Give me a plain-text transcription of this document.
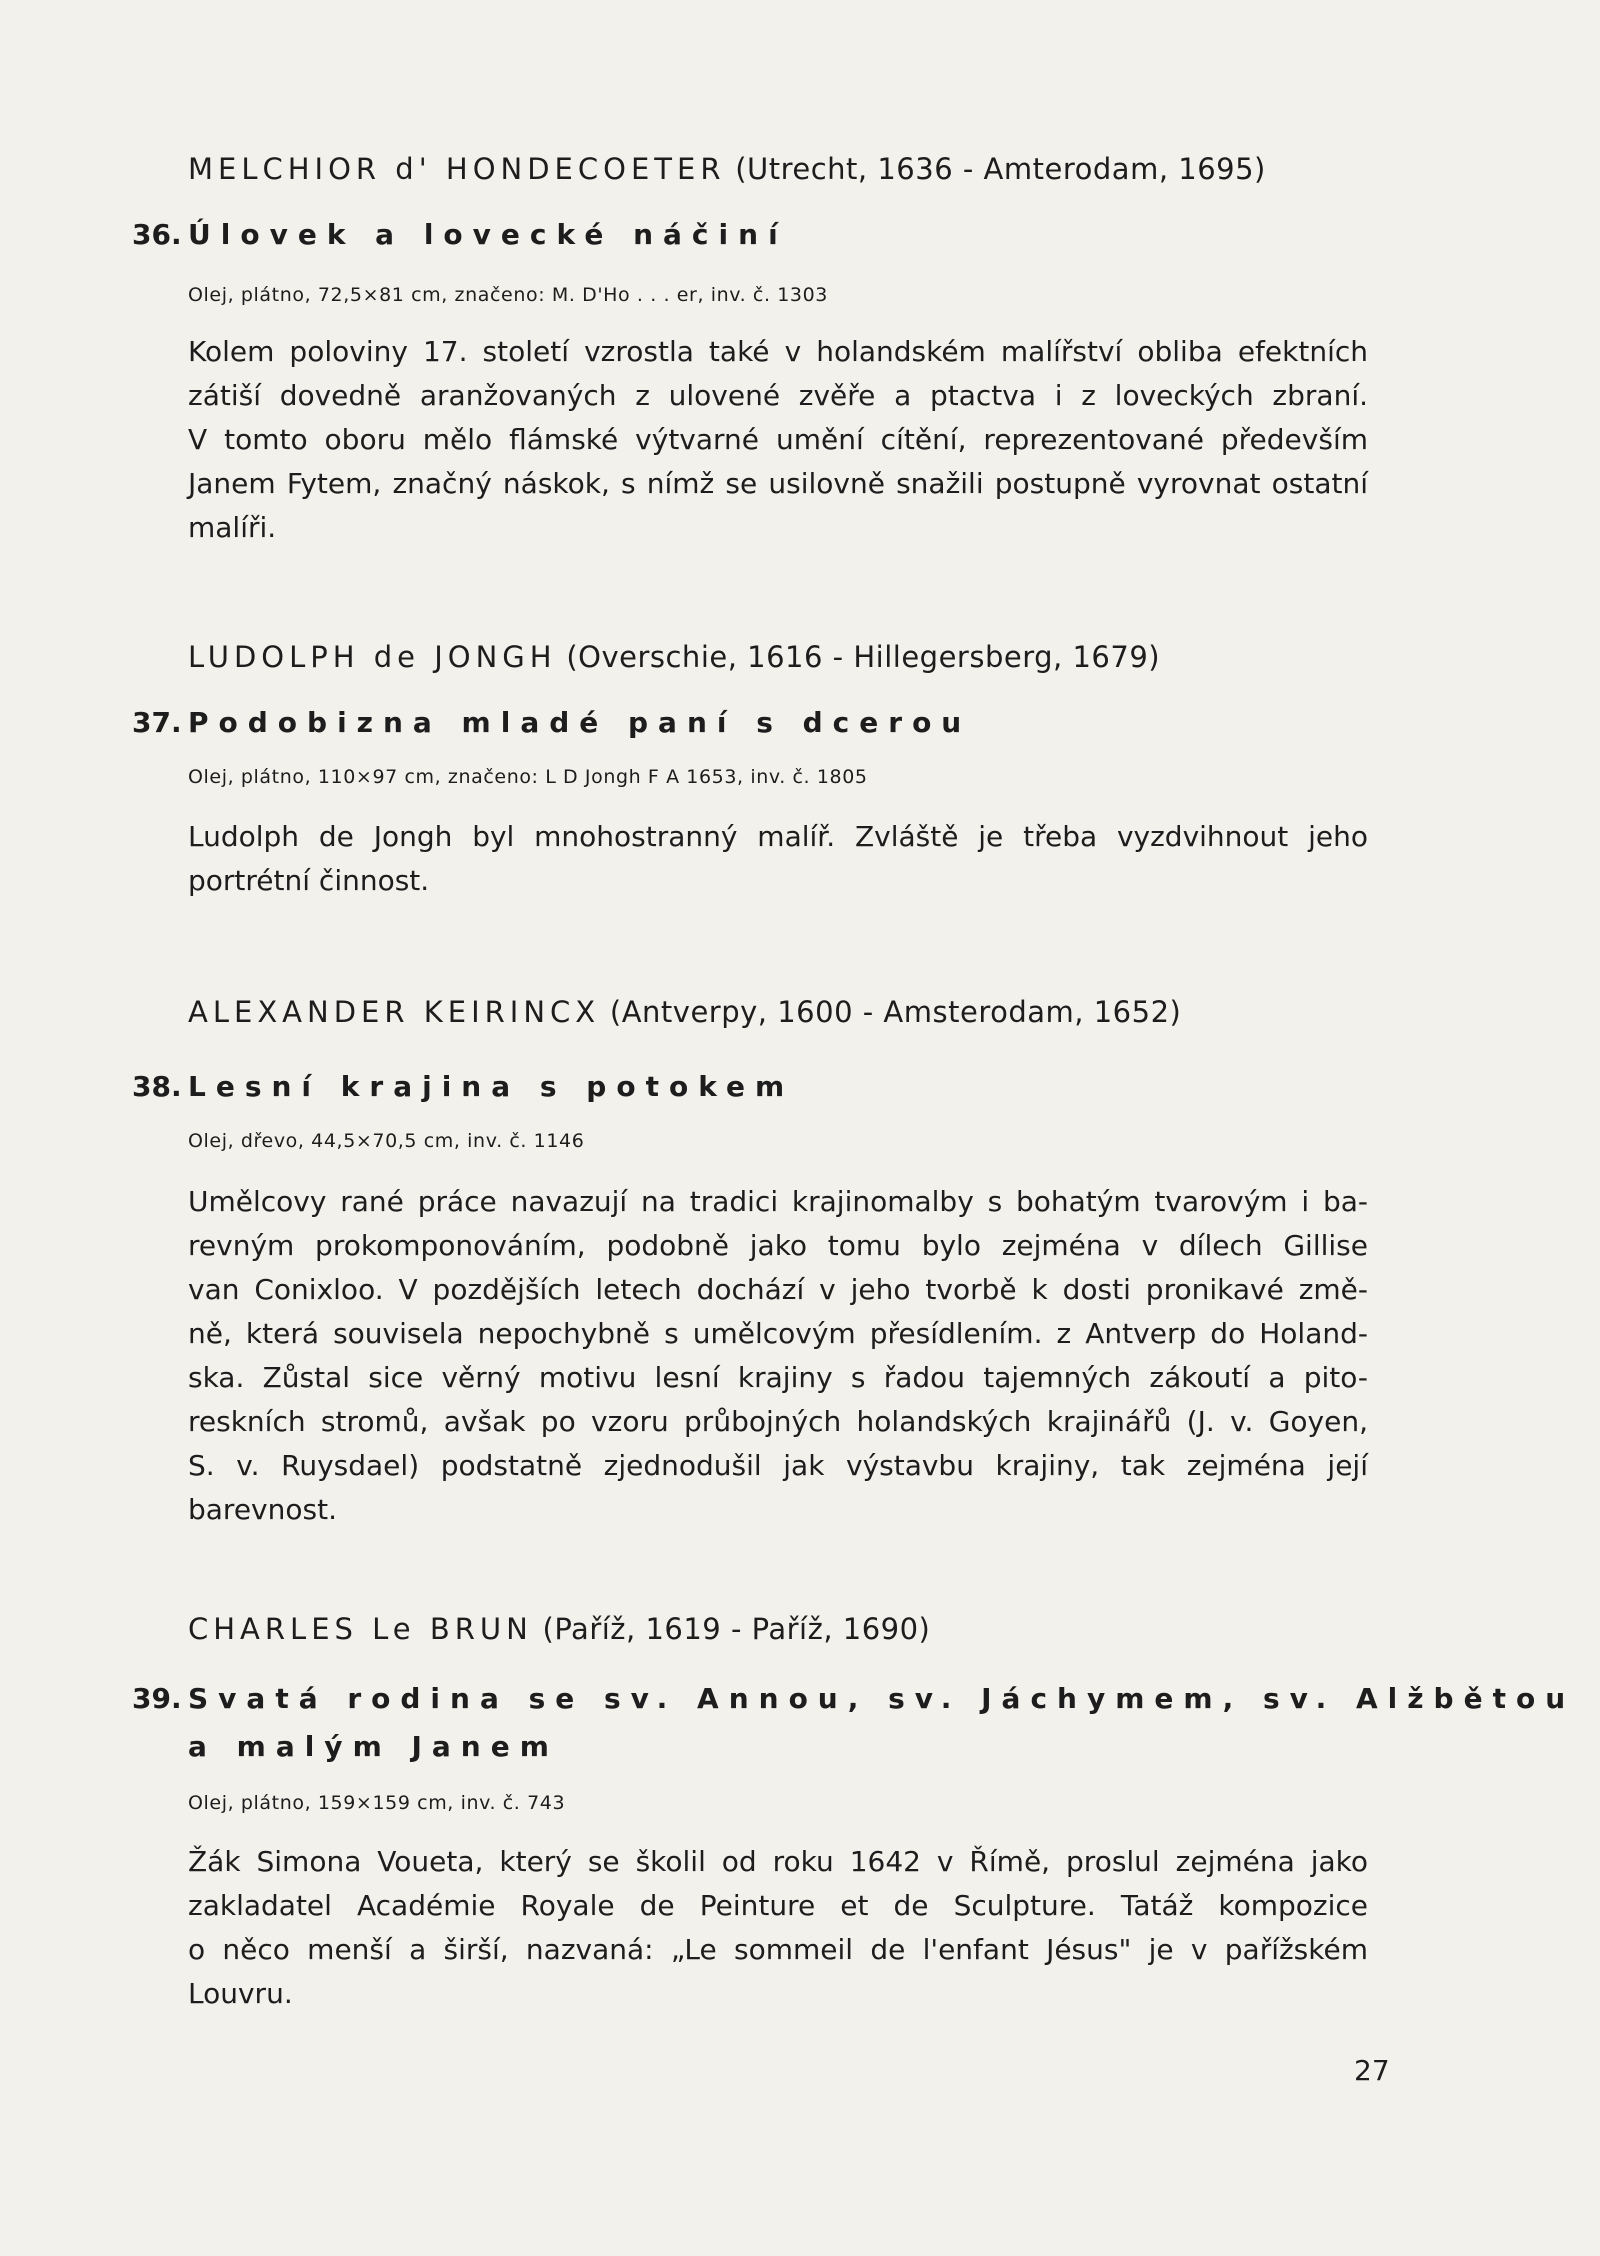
MELCHIOR d' HONDECOETER (Utrecht, 1636 - Amterodam, 1695)
36. Úlovek a lovecké náčiní
Olej, plátno, 72,5×81 cm, značeno: M. D'Ho . . . er, inv. č. 1303
Kolem poloviny 17. století vzrostla také v holandském malířství obliba efektních
zátiší dovedně aranžovaných z ulovené zvěře a ptactva i z loveckých zbraní.
V tomto oboru mělo flámské výtvarné umění cítění, reprezentované především
Janem Fytem, značný náskok, s nímž se usilovně snažili postupně vyrovnat ostatní
malíři.
LUDOLPH de JONGH (Overschie, 1616 - Hillegersberg, 1679)
37. Podobizna mladé paní s dcerou
Olej, plátno, 110×97 cm, značeno: L D Jongh F A 1653, inv. č. 1805
Ludolph de Jongh byl mnohostranný malíř. Zvláště je třeba vyzdvihnout jeho
portrétní činnost.
ALEXANDER KEIRINCX (Antverpy, 1600 - Amsterodam, 1652)
38. Lesní krajina s potokem
Olej, dřevo, 44,5×70,5 cm, inv. č. 1146
Umělcovy rané práce navazují na tradici krajinomalby s bohatým tvarovým i ba-
revným prokomponováním, podobně jako tomu bylo zejména v dílech Gillise
van Conixloo. V pozdějších letech dochází v jeho tvorbě k dosti pronikavé změ-
ně, která souvisela nepochybně s umělcovým přesídlením. z Antverp do Holand-
ska. Zůstal sice věrný motivu lesní krajiny s řadou tajemných zákoutí a pito-
reskních stromů, avšak po vzoru průbojných holandských krajinářů (J. v. Goyen,
S. v. Ruysdael) podstatně zjednodušil jak výstavbu krajiny, tak zejména její
barevnost.
CHARLES Le BRUN (Paříž, 1619 - Paříž, 1690)
39. Svatá rodina se sv. Annou, sv. Jáchymem, sv. Alžbětou
a malým Janem
Olej, plátno, 159×159 cm, inv. č. 743
Žák Simona Voueta, který se školil od roku 1642 v Římě, proslul zejména jako
zakladatel Académie Royale de Peinture et de Sculpture. Tatáž kompozice
o něco menší a širší, nazvaná: „Le sommeil de l'enfant Jésus" je v pařížském
Louvru.
27
